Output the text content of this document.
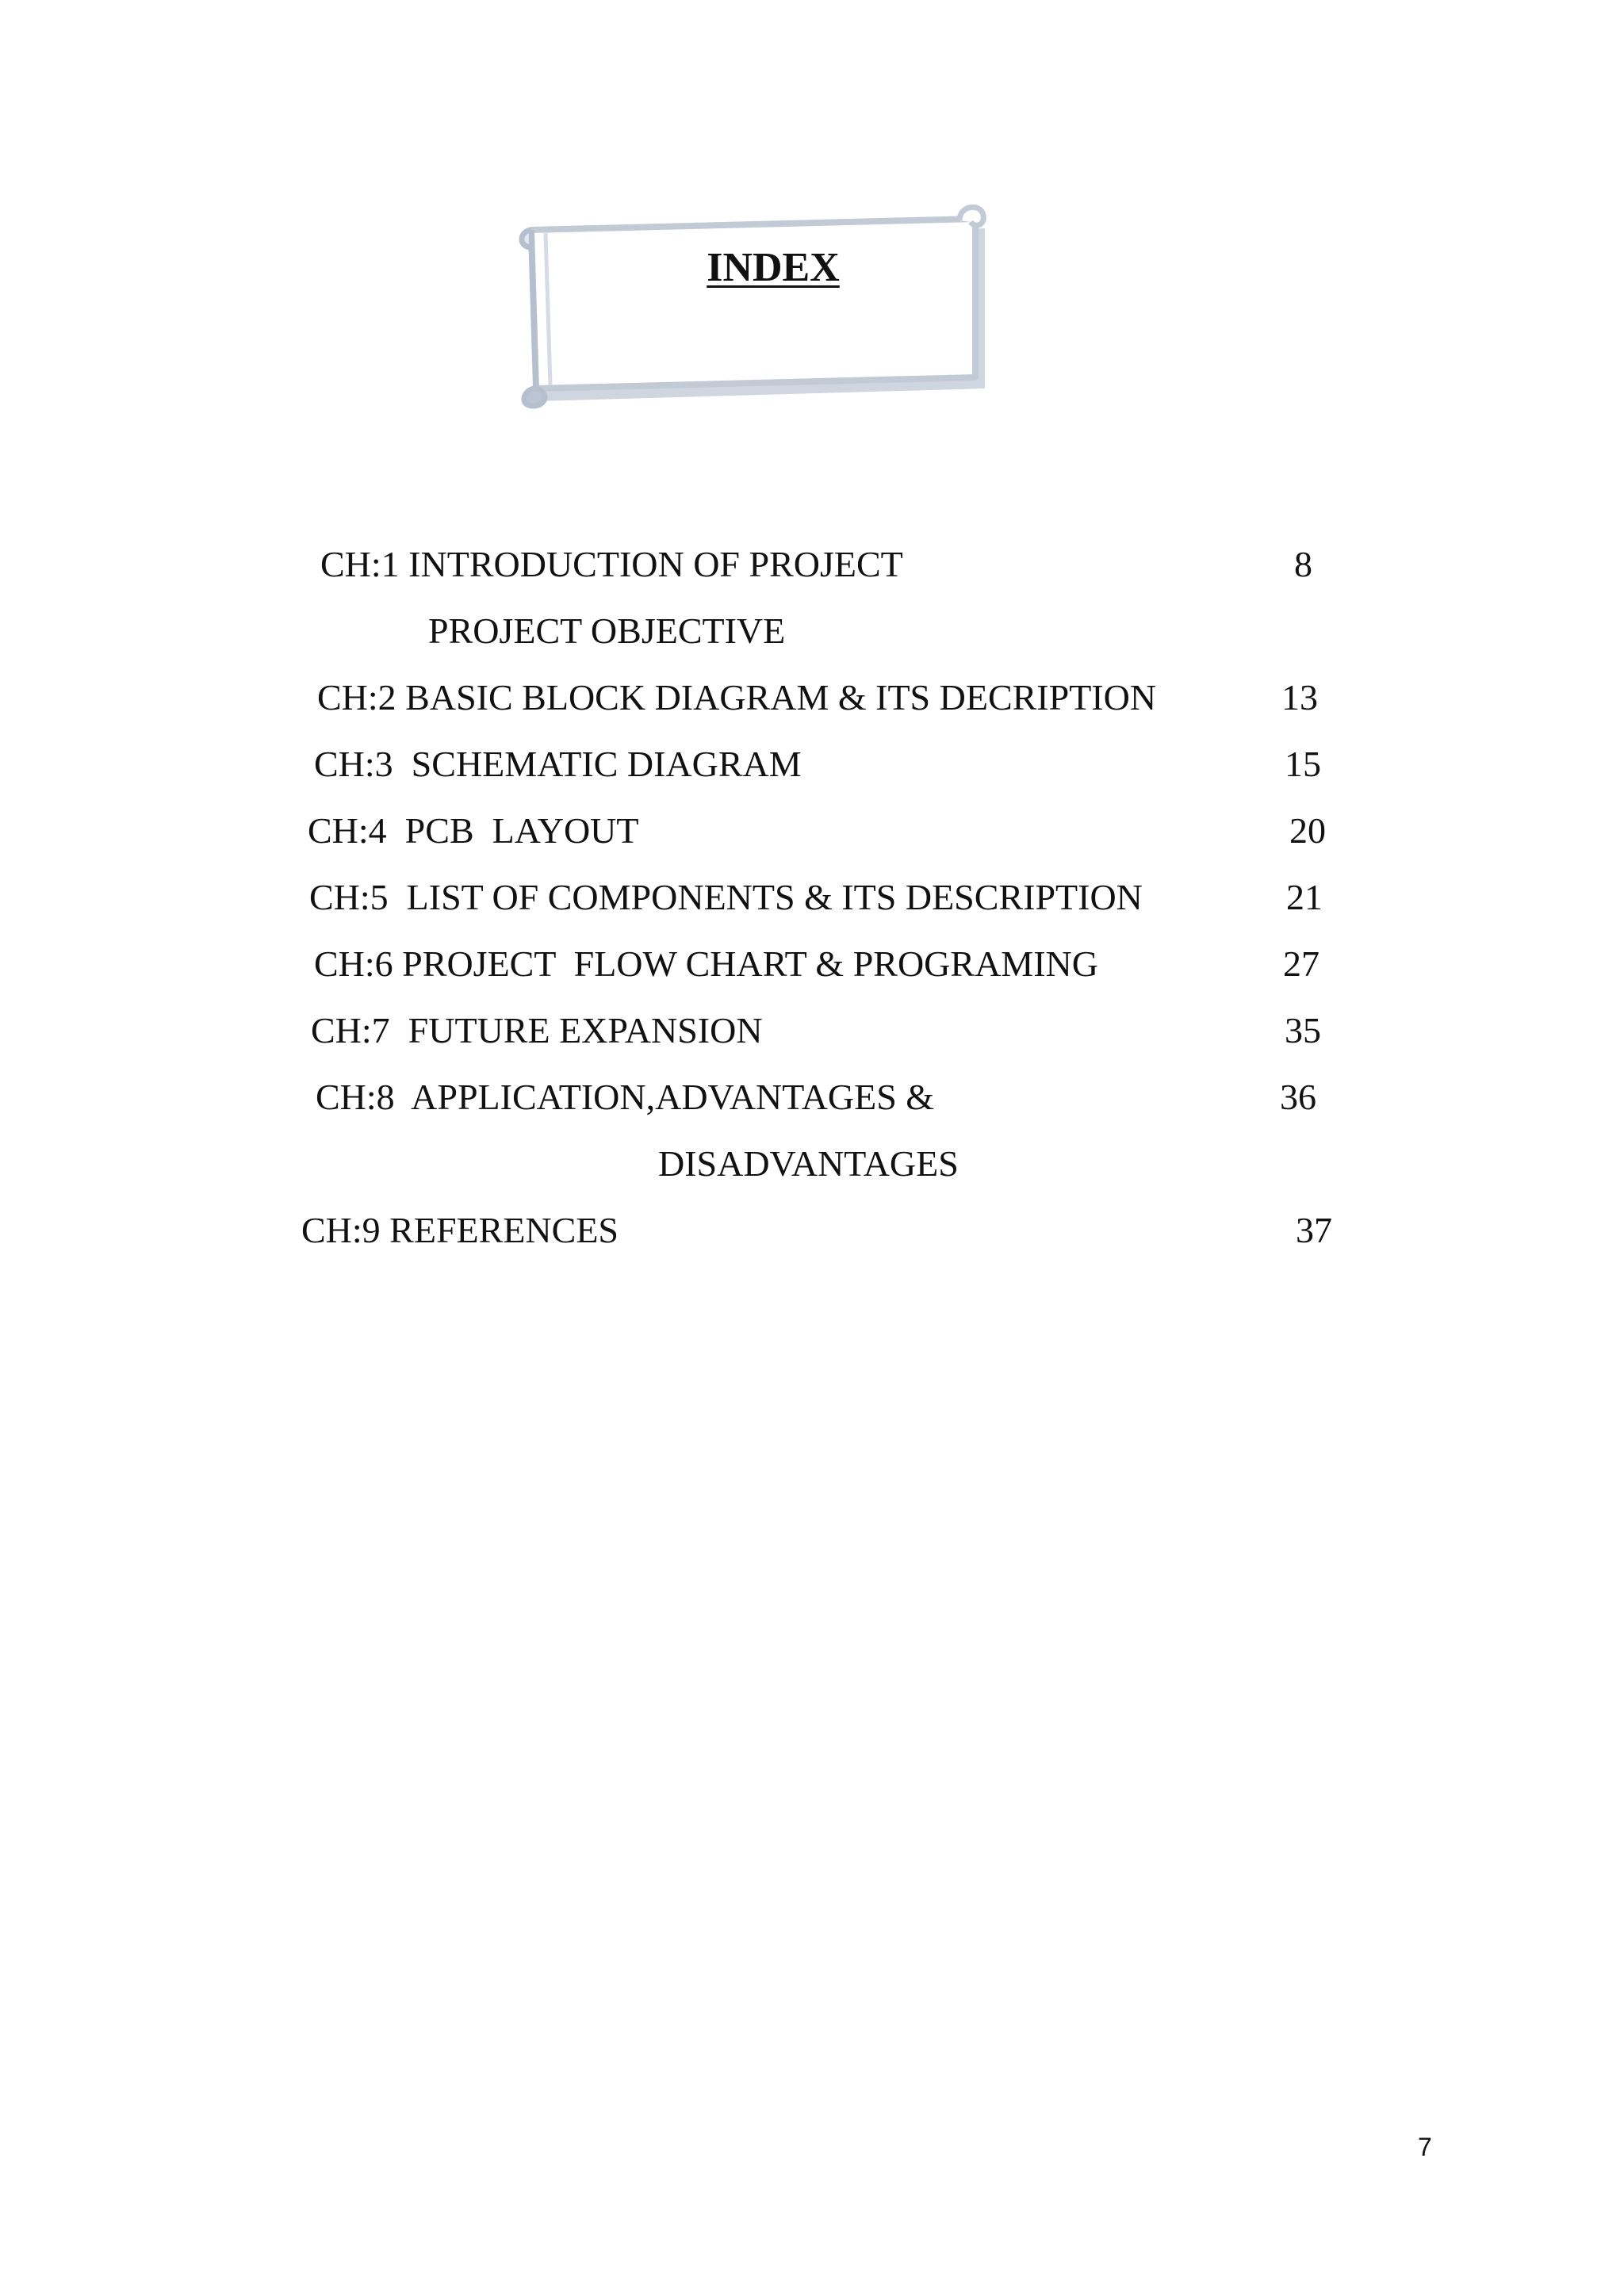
INDEX
CH:1 INTRODUCTION OF PROJECT	8
PROJECT OBJECTIVE
CH:2 BASIC BLOCK DIAGRAM & ITS DECRIPTION	13
CH:3  SCHEMATIC DIAGRAM	15
CH:4  PCB  LAYOUT	20
CH:5  LIST OF COMPONENTS & ITS DESCRIPTION	21
CH:6 PROJECT  FLOW CHART & PROGRAMING	27
CH:7  FUTURE EXPANSION	35
CH:8  APPLICATION,ADVANTAGES &	36
DISADVANTAGES
CH:9 REFERENCES	37
7
